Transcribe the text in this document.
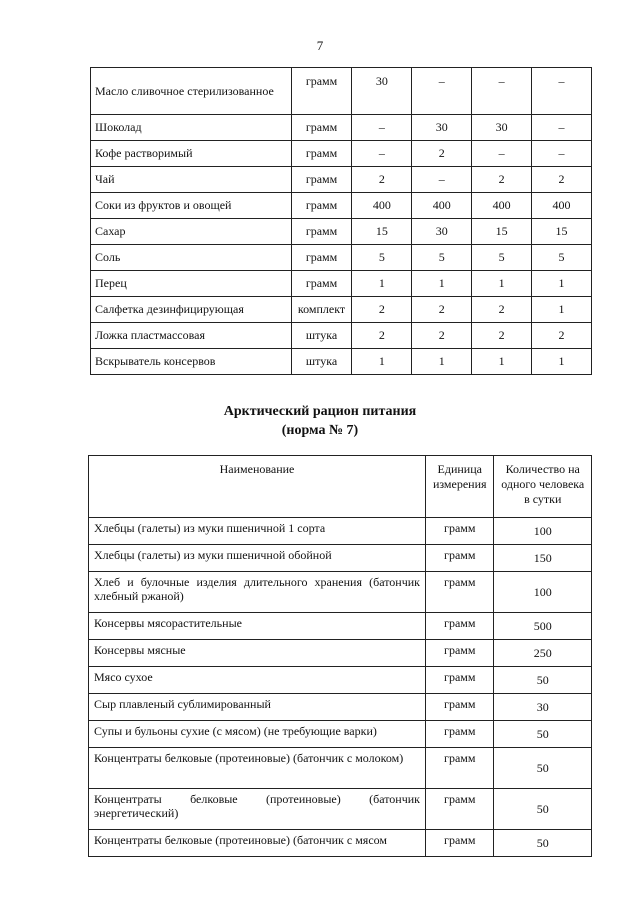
7
Масло сливочное стерилизованное	грамм	30	–	–	–
Шоколад	грамм	–	30	30	–
Кофе растворимый	грамм	–	2	–	–
Чай	грамм	2	–	2	2
Соки из фруктов и овощей	грамм	400	400	400	400
Сахар	грамм	15	30	15	15
Соль	грамм	5	5	5	5
Перец	грамм	1	1	1	1
Салфетка дезинфицирующая	комплект	2	2	2	1
Ложка пластмассовая	штука	2	2	2	2
Вскрыватель консервов	штука	1	1	1	1
Арктический рацион питания
(норма № 7)
Наименование	Единица измерения	Количество на одного человека в сутки
Хлебцы (галеты) из муки пшеничной 1 сорта	грамм	100
Хлебцы (галеты) из муки пшеничной обойной	грамм	150
Хлеб и булочные изделия длительного хранения (батончик хлебный ржаной)	грамм	100
Консервы мясорастительные	грамм	500
Консервы мясные	грамм	250
Мясо сухое	грамм	50
Сыр плавленый сублимированный	грамм	30
Супы и бульоны сухие (с мясом) (не требующие варки)	грамм	50
Концентраты белковые (протеиновые) (батончик с молоком)	грамм	50
Концентраты белковые (протеиновые) (батончик энергетический)	грамм	50
Концентраты белковые (протеиновые) (батончик с мясом	грамм	50
